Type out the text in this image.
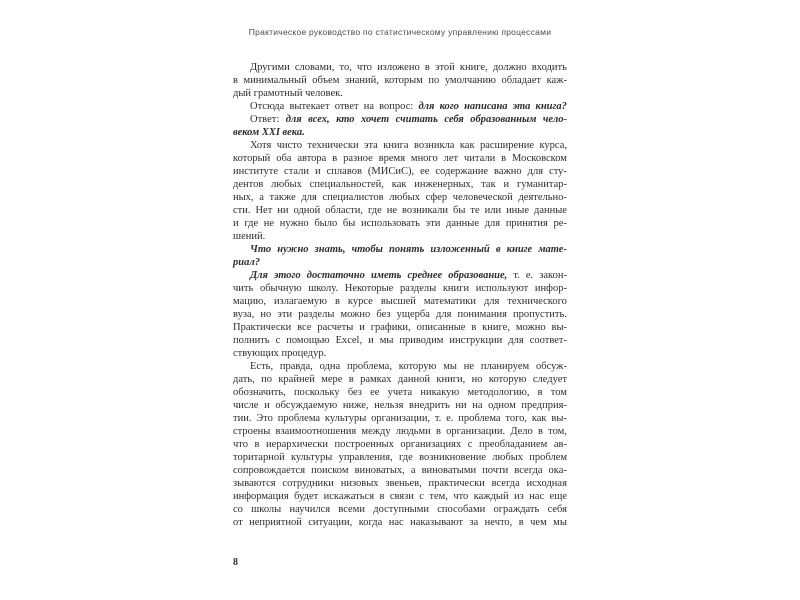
Практическое руководство по статистическому управлению процессами
Другими словами, то, что изложено в этой книге, должно входить
в минимальный объем знаний, которым по умолчанию обладает каж-
дый грамотный человек.
Отсюда вытекает ответ на вопрос: для кого написана эта книга?
Ответ: для всех, кто хочет считать себя образованным чело-
веком XXI века.
Хотя чисто технически эта книга возникла как расширение курса,
который оба автора в разное время много лет читали в Московском
институте стали и сплавов (МИСиС), ее содержание важно для сту-
дентов любых специальностей, как инженерных, так и гуманитар-
ных, а также для специалистов любых сфер человеческой деятельно-
сти. Нет ни одной области, где не возникали бы те или иные данные
и где не нужно было бы использовать эти данные для принятия ре-
шений.
Что нужно знать, чтобы понять изложенный в книге мате-
риал?
Для этого достаточно иметь среднее образование, т. е. закон-
чить обычную школу. Некоторые разделы книги используют инфор-
мацию, излагаемую в курсе высшей математики для технического
вуза, но эти разделы можно без ущерба для понимания пропустить.
Практически все расчеты и графики, описанные в книге, можно вы-
полнить с помощью Excel, и мы приводим инструкции для соответ-
ствующих процедур.
Есть, правда, одна проблема, которую мы не планируем обсуж-
дать, по крайней мере в рамках данной книги, но которую следует
обозначить, поскольку без ее учета никакую методологию, в том
числе и обсуждаемую ниже, нельзя внедрить ни на одном предприя-
тии. Это проблема культуры организации, т. е. проблема того, как вы-
строены взаимоотношения между людьми в организации. Дело в том,
что в иерархически построенных организациях с преобладанием ав-
торитарной культуры управления, где возникновение любых проблем
сопровождается поиском виноватых, а виноватыми почти всегда ока-
зываются сотрудники низовых звеньев, практически всегда исходная
информация будет искажаться в связи с тем, что каждый из нас еще
со школы научился всеми доступными способами ограждать себя
от неприятной ситуации, когда нас наказывают за нечто, в чем мы
8
